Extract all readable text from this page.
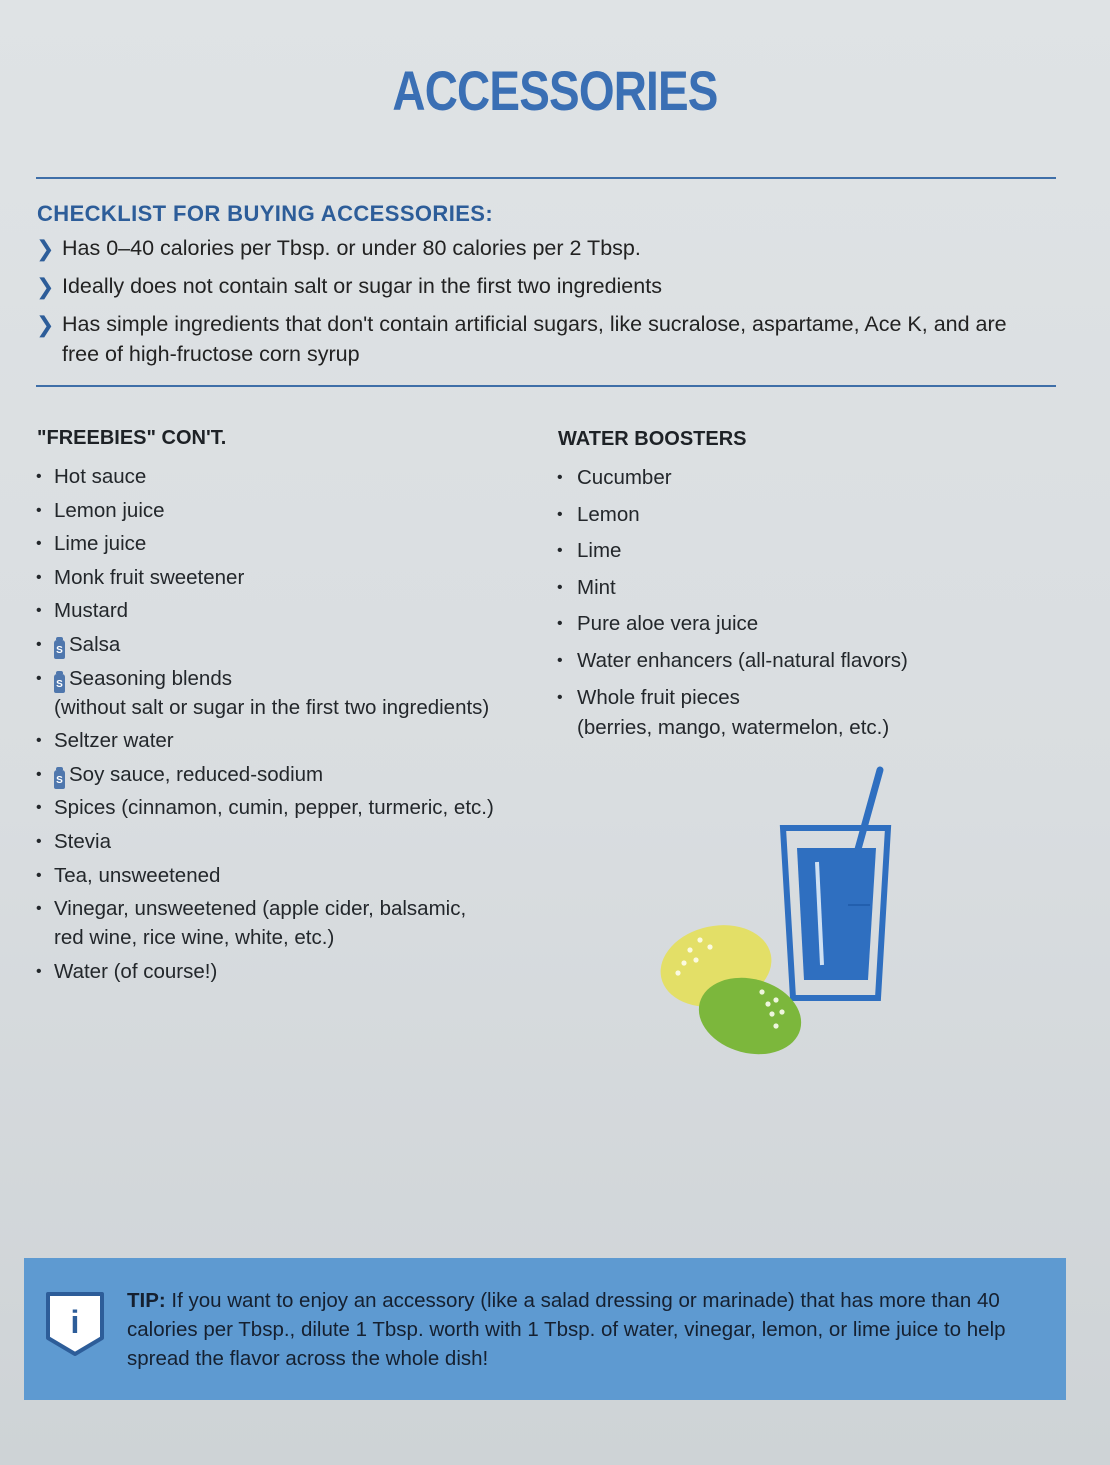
ACCESSORIES
CHECKLIST FOR BUYING ACCESSORIES:
❯ Has 0–40 calories per Tbsp. or under 80 calories per 2 Tbsp.
❯ Ideally does not contain salt or sugar in the first two ingredients
❯ Has simple ingredients that don't contain artificial sugars, like sucralose, aspartame, Ace K, and are free of high-fructose corn syrup
"FREEBIES" CON'T.
• Hot sauce
• Lemon juice
• Lime juice
• Monk fruit sweetener
• Mustard
• S Salsa
• S Seasoning blends
(without salt or sugar in the first two ingredients)
• Seltzer water
• S Soy sauce, reduced-sodium
• Spices (cinnamon, cumin, pepper, turmeric, etc.)
• Stevia
• Tea, unsweetened
• Vinegar, unsweetened (apple cider, balsamic, red wine, rice wine, white, etc.)
• Water (of course!)
WATER BOOSTERS
• Cucumber
• Lemon
• Lime
• Mint
• Pure aloe vera juice
• Water enhancers (all-natural flavors)
• Whole fruit pieces
(berries, mango, watermelon, etc.)
i
TIP: If you want to enjoy an accessory (like a salad dressing or marinade) that has more than 40 calories per Tbsp., dilute 1 Tbsp. worth with 1 Tbsp. of water, vinegar, lemon, or lime juice to help spread the flavor across the whole dish!
